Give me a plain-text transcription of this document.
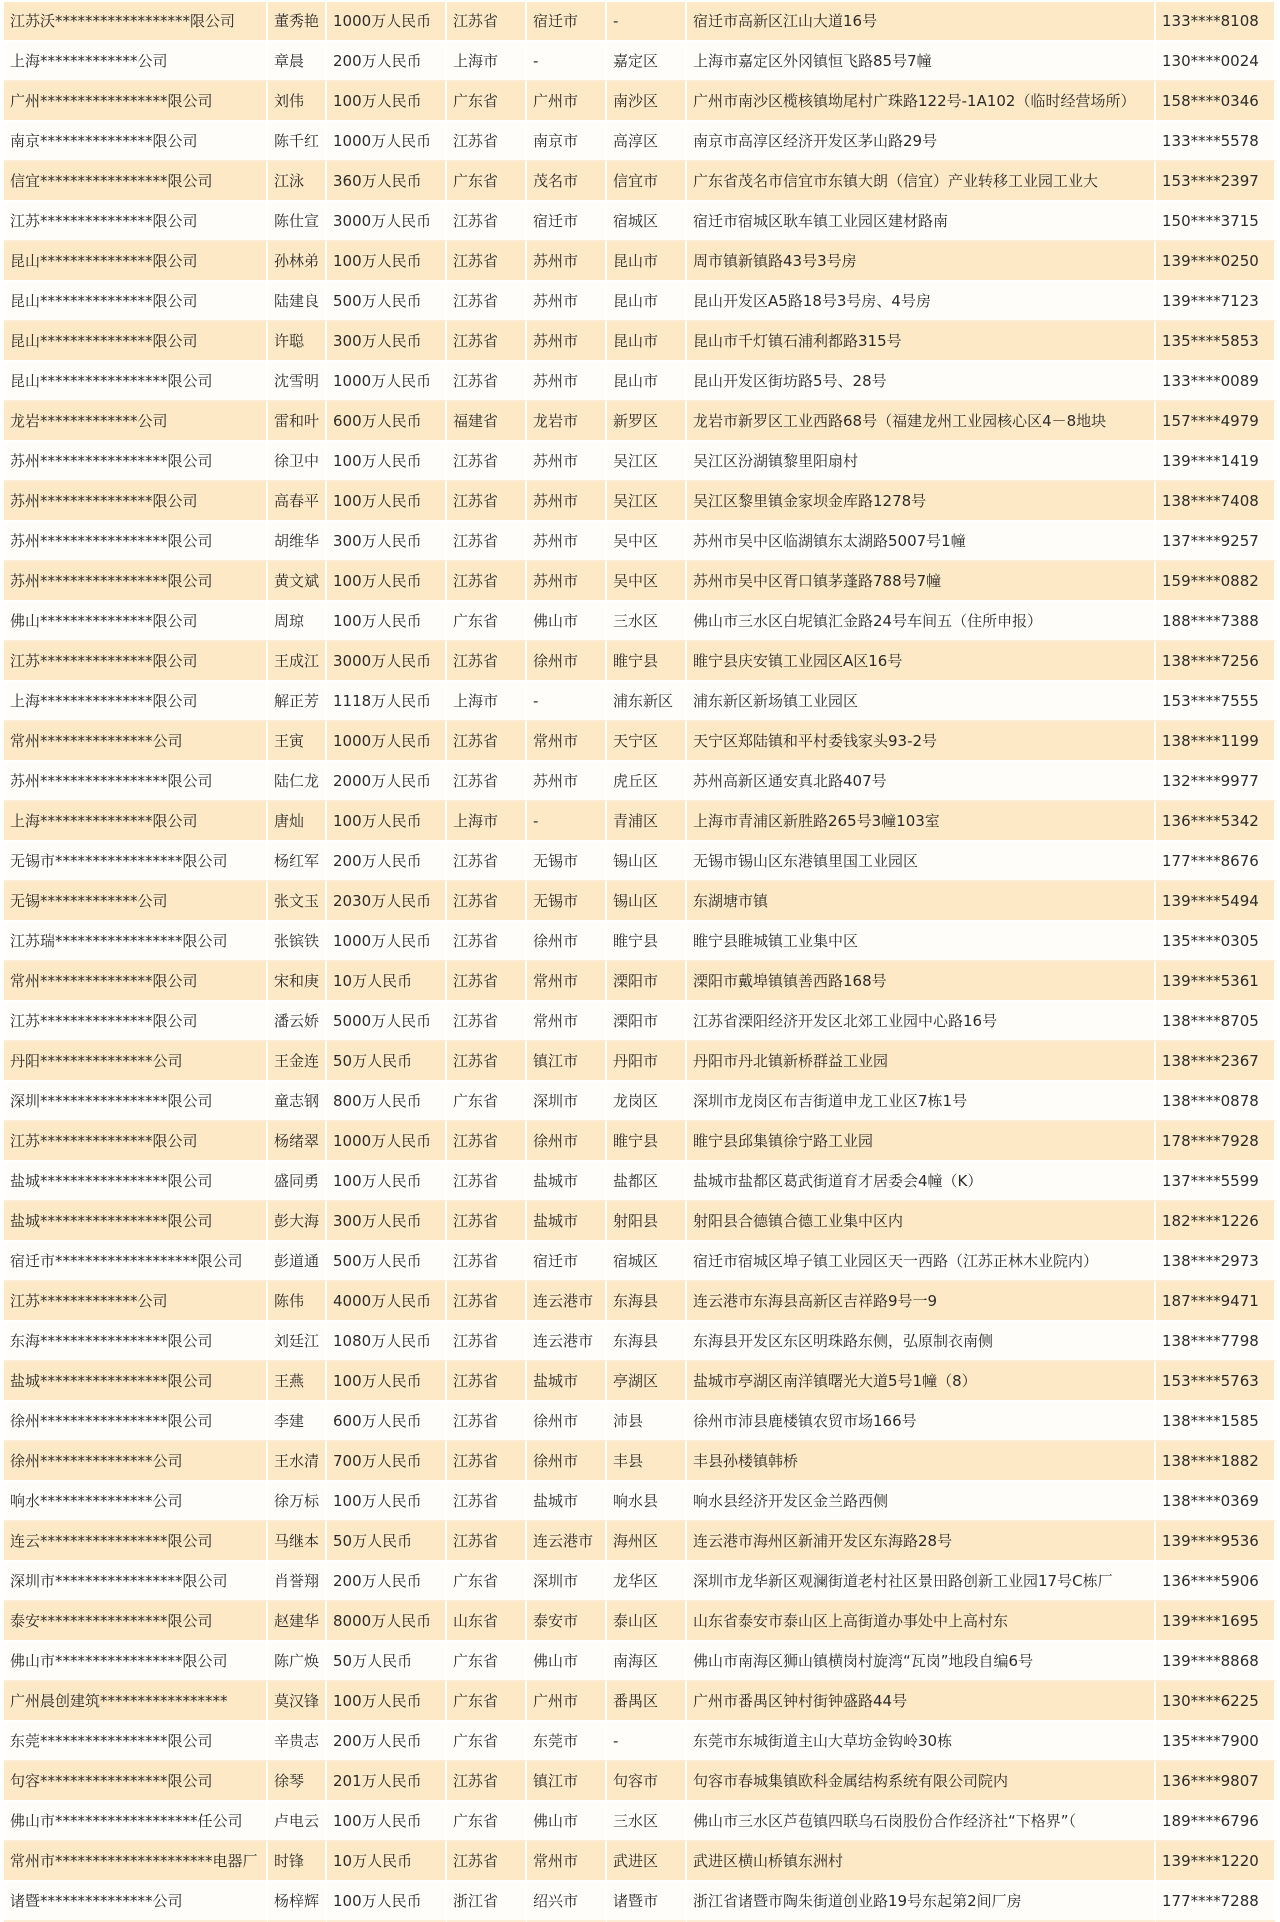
江苏沃******************限公司	董秀艳	1000万人民币	江苏省	宿迁市	-	宿迁市高新区江山大道16号	133****8108
上海*************公司	章晨	200万人民币	上海市	-	嘉定区	上海市嘉定区外冈镇恒飞路85号7幢	130****0024
广州*****************限公司	刘伟	100万人民币	广东省	广州市	南沙区	广州市南沙区榄核镇坳尾村广珠路122号-1A102（临时经营场所）	158****0346
南京***************限公司	陈千红	1000万人民币	江苏省	南京市	高淳区	南京市高淳区经济开发区茅山路29号	133****5578
信宜*****************限公司	江泳	360万人民币	广东省	茂名市	信宜市	广东省茂名市信宜市东镇大朗（信宜）产业转移工业园工业大	153****2397
江苏***************限公司	陈仕宣	3000万人民币	江苏省	宿迁市	宿城区	宿迁市宿城区耿车镇工业园区建材路南	150****3715
昆山***************限公司	孙林弟	100万人民币	江苏省	苏州市	昆山市	周市镇新镇路43号3号房	139****0250
昆山***************限公司	陆建良	500万人民币	江苏省	苏州市	昆山市	昆山开发区A5路18号3号房、4号房	139****7123
昆山***************限公司	许聪	300万人民币	江苏省	苏州市	昆山市	昆山市千灯镇石浦利都路315号	135****5853
昆山*****************限公司	沈雪明	1000万人民币	江苏省	苏州市	昆山市	昆山开发区街坊路5号、28号	133****0089
龙岩*************公司	雷和叶	600万人民币	福建省	龙岩市	新罗区	龙岩市新罗区工业西路68号（福建龙州工业园核心区4－8地块	157****4979
苏州*****************限公司	徐卫中	100万人民币	江苏省	苏州市	吴江区	吴江区汾湖镇黎里阳扇村	139****1419
苏州***************限公司	高春平	100万人民币	江苏省	苏州市	吴江区	吴江区黎里镇金家坝金库路1278号	138****7408
苏州*****************限公司	胡维华	300万人民币	江苏省	苏州市	吴中区	苏州市吴中区临湖镇东太湖路5007号1幢	137****9257
苏州*****************限公司	黄文斌	100万人民币	江苏省	苏州市	吴中区	苏州市吴中区胥口镇茅蓬路788号7幢	159****0882
佛山***************限公司	周琼	100万人民币	广东省	佛山市	三水区	佛山市三水区白坭镇汇金路24号车间五（住所申报）	188****7388
江苏***************限公司	王成江	3000万人民币	江苏省	徐州市	睢宁县	睢宁县庆安镇工业园区A区16号	138****7256
上海***************限公司	解正芳	1118万人民币	上海市	-	浦东新区	浦东新区新场镇工业园区	153****7555
常州***************公司	王寅	1000万人民币	江苏省	常州市	天宁区	天宁区郑陆镇和平村委钱家头93-2号	138****1199
苏州*****************限公司	陆仁龙	2000万人民币	江苏省	苏州市	虎丘区	苏州高新区通安真北路407号	132****9977
上海***************限公司	唐灿	100万人民币	上海市	-	青浦区	上海市青浦区新胜路265号3幢103室	136****5342
无锡市*****************限公司	杨红军	200万人民币	江苏省	无锡市	锡山区	无锡市锡山区东港镇里国工业园区	177****8676
无锡*************公司	张文玉	2030万人民币	江苏省	无锡市	锡山区	东湖塘市镇	139****5494
江苏瑞*****************限公司	张镔铁	1000万人民币	江苏省	徐州市	睢宁县	睢宁县睢城镇工业集中区	135****0305
常州***************限公司	宋和庚	10万人民币	江苏省	常州市	溧阳市	溧阳市戴埠镇镇善西路168号	139****5361
江苏***************限公司	潘云娇	5000万人民币	江苏省	常州市	溧阳市	江苏省溧阳经济开发区北郊工业园中心路16号	138****8705
丹阳***************公司	王金连	50万人民币	江苏省	镇江市	丹阳市	丹阳市丹北镇新桥群益工业园	138****2367
深圳*****************限公司	童志钢	800万人民币	广东省	深圳市	龙岗区	深圳市龙岗区布吉街道申龙工业区7栋1号	138****0878
江苏***************限公司	杨绪翠	1000万人民币	江苏省	徐州市	睢宁县	睢宁县邱集镇徐宁路工业园	178****7928
盐城*****************限公司	盛同勇	100万人民币	江苏省	盐城市	盐都区	盐城市盐都区葛武街道育才居委会4幢（K）	137****5599
盐城*****************限公司	彭大海	300万人民币	江苏省	盐城市	射阳县	射阳县合德镇合德工业集中区内	182****1226
宿迁市*******************限公司	彭道通	500万人民币	江苏省	宿迁市	宿城区	宿迁市宿城区埠子镇工业园区天一西路（江苏正林木业院内）	138****2973
江苏*************公司	陈伟	4000万人民币	江苏省	连云港市	东海县	连云港市东海县高新区吉祥路9号一9	187****9471
东海*****************限公司	刘廷江	1080万人民币	江苏省	连云港市	东海县	东海县开发区东区明珠路东侧，弘原制衣南侧	138****7798
盐城*****************限公司	王燕	100万人民币	江苏省	盐城市	亭湖区	盐城市亭湖区南洋镇曙光大道5号1幢（8）	153****5763
徐州*****************限公司	李建	600万人民币	江苏省	徐州市	沛县	徐州市沛县鹿楼镇农贸市场166号	138****1585
徐州***************公司	王水清	700万人民币	江苏省	徐州市	丰县	丰县孙楼镇韩桥	138****1882
响水***************公司	徐万标	100万人民币	江苏省	盐城市	响水县	响水县经济开发区金兰路西侧	138****0369
连云*****************限公司	马继本	50万人民币	江苏省	连云港市	海州区	连云港市海州区新浦开发区东海路28号	139****9536
深圳市*****************限公司	肖誉翔	200万人民币	广东省	深圳市	龙华区	深圳市龙华新区观澜街道老村社区景田路创新工业园17号C栋厂	136****5906
泰安*****************限公司	赵建华	8000万人民币	山东省	泰安市	泰山区	山东省泰安市泰山区上高街道办事处中上高村东	139****1695
佛山市*****************限公司	陈广焕	50万人民币	广东省	佛山市	南海区	佛山市南海区狮山镇横岗村旋湾“瓦岗”地段自编6号	139****8868
广州晨创建筑*****************	莫汉锋	100万人民币	广东省	广州市	番禺区	广州市番禺区钟村街钟盛路44号	130****6225
东莞*****************限公司	辛贵志	200万人民币	广东省	东莞市	-	东莞市东城街道主山大草坊金钩岭30栋	135****7900
句容*****************限公司	徐琴	201万人民币	江苏省	镇江市	句容市	句容市春城集镇欧科金属结构系统有限公司院内	136****9807
佛山市*******************任公司	卢电云	100万人民币	广东省	佛山市	三水区	佛山市三水区芦苞镇四联乌石岗股份合作经济社“下格界”（	189****6796
常州市*********************电器厂	时锋	10万人民币	江苏省	常州市	武进区	武进区横山桥镇东洲村	139****1220
诸暨***************公司	杨梓辉	100万人民币	浙江省	绍兴市	诸暨市	浙江省诸暨市陶朱街道创业路19号东起第2间厂房	177****7288
